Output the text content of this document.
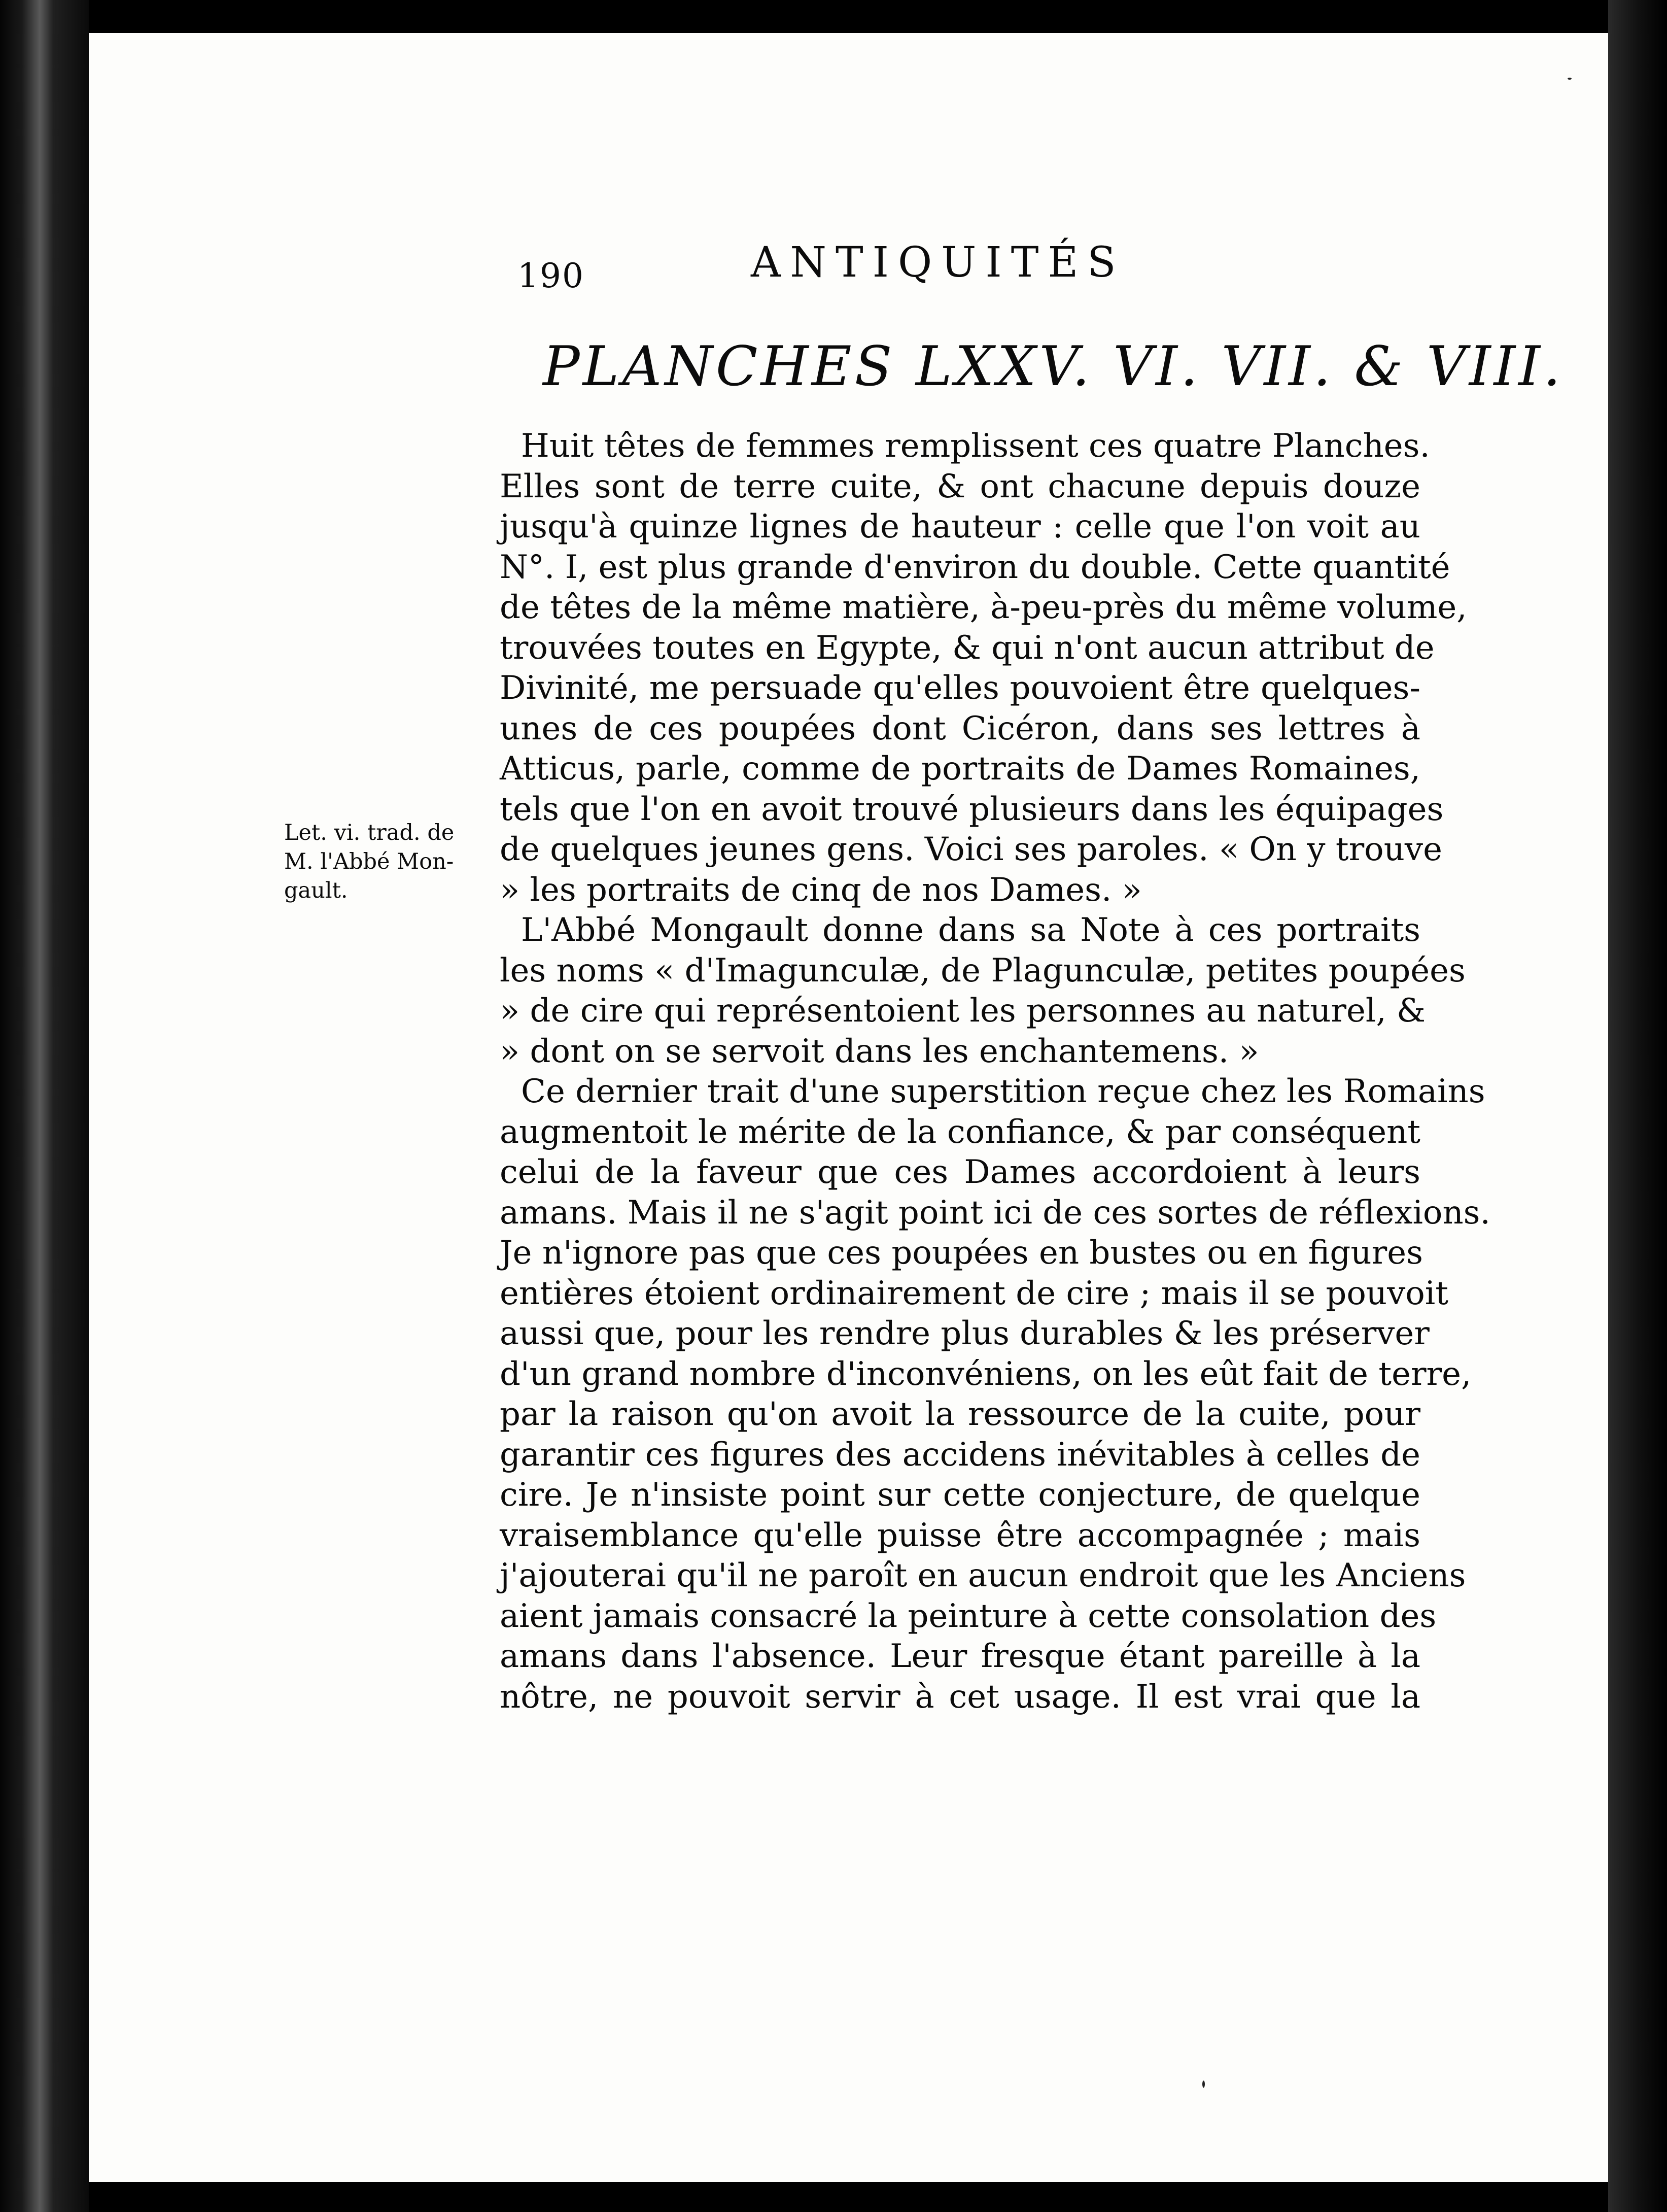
190	ANTIQUITÉS
PLANCHES LXXV. VI. VII. & VIII.
Let. vi. trad. de
M. l'Abbé Mon-
gault.
Huit têtes de femmes remplissent ces quatre Planches.
Elles sont de terre cuite, & ont chacune depuis douze
jusqu'à quinze lignes de hauteur : celle que l'on voit au
N°. I, est plus grande d'environ du double. Cette quantité
de têtes de la même matière, à-peu-près du même volume,
trouvées toutes en Egypte, & qui n'ont aucun attribut de
Divinité, me persuade qu'elles pouvoient être quelques-
unes de ces poupées dont Cicéron, dans ses lettres à
Atticus, parle, comme de portraits de Dames Romaines,
tels que l'on en avoit trouvé plusieurs dans les équipages
de quelques jeunes gens. Voici ses paroles. « On y trouve
» les portraits de cinq de nos Dames. »
L'Abbé Mongault donne dans sa Note à ces portraits
les noms « d'Imagunculæ, de Plagunculæ, petites poupées
» de cire qui représentoient les personnes au naturel, &
» dont on se servoit dans les enchantemens. »
Ce dernier trait d'une superstition reçue chez les Romains
augmentoit le mérite de la confiance, & par conséquent
celui de la faveur que ces Dames accordoient à leurs
amans. Mais il ne s'agit point ici de ces sortes de réflexions.
Je n'ignore pas que ces poupées en bustes ou en figures
entières étoient ordinairement de cire ; mais il se pouvoit
aussi que, pour les rendre plus durables & les préserver
d'un grand nombre d'inconvéniens, on les eût fait de terre,
par la raison qu'on avoit la ressource de la cuite, pour
garantir ces figures des accidens inévitables à celles de
cire. Je n'insiste point sur cette conjecture, de quelque
vraisemblance qu'elle puisse être accompagnée ; mais
j'ajouterai qu'il ne paroît en aucun endroit que les Anciens
aient jamais consacré la peinture à cette consolation des
amans dans l'absence. Leur fresque étant pareille à la
nôtre, ne pouvoit servir à cet usage. Il est vrai que la
